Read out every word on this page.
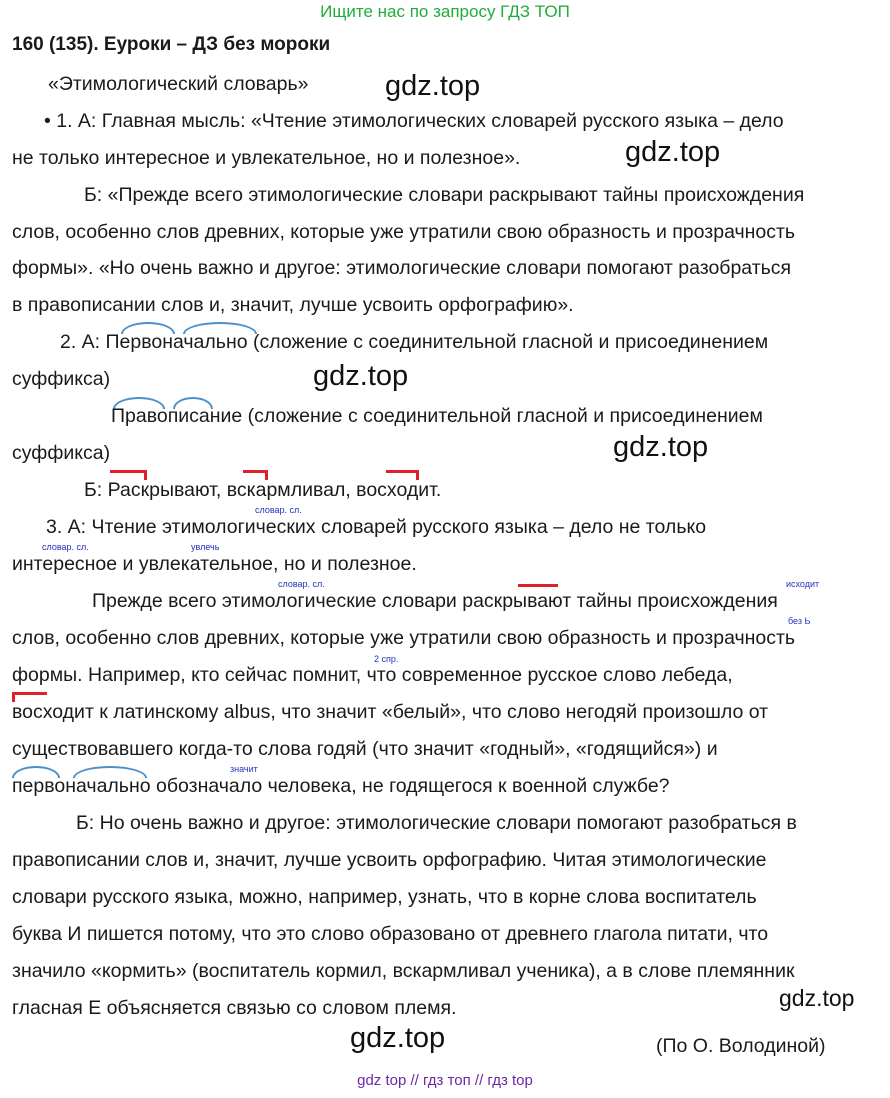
Ищите нас по запросу ГДЗ ТОП
160 (135). Еуроки – ДЗ без мороки
«Этимологический словарь»	gdz.top
gdz.top
gdz.top
gdz.top
gdz.top
gdz.top
• 1. А: Главная мысль: «Чтение этимологических словарей русского языка – дело
не только интересное и увлекательное, но и полезное».
Б: «Прежде всего этимологические словари раскрывают тайны происхождения
слов, особенно слов древних, которые уже утратили свою образность и прозрачность
формы». «Но очень важно и другое: этимологические словари помогают разобраться
в правописании слов и, значит, лучше усвоить орфографию».
2. А: Первоначально (сложение с соединительной гласной и присоединением
суффикса)
Правописание (сложение с соединительной гласной и присоединением
суффикса)
Б: Раскрывают, вскармливал, восходит.
словар. сл.
3. А: Чтение этимологических словарей русского языка – дело не только
словар. сл.	увлечь
интересное и увлекательное, но и полезное.
словар. сл.	исходит
Прежде всего этимологические словари раскрывают тайны происхождения
без Ь
слов, особенно слов древних, которые уже утратили свою образность и прозрачность
2 спр.
формы. Например, кто сейчас помнит, что современное русское слово лебеда,
восходит к латинскому albus, что значит «белый», что слово негодяй произошло от
существовавшего когда-то слова годяй (что значит «годный», «годящийся») и
значит
первоначально обозначало человека, не годящегося к военной службе?
Б: Но очень важно и другое: этимологические словари помогают разобраться в
правописании слов и, значит, лучше усвоить орфографию. Читая этимологические
словари русского языка, можно, например, узнать, что в корне слова воспитатель
буква И пишется потому, что это слово образовано от древнего глагола питати, что
значило «кормить» (воспитатель кормил, вскармливал ученика), а в слове племянник
гласная Е объясняется связью со словом племя.
(По О. Володиной)
gdz top // гдз топ // гдз top
